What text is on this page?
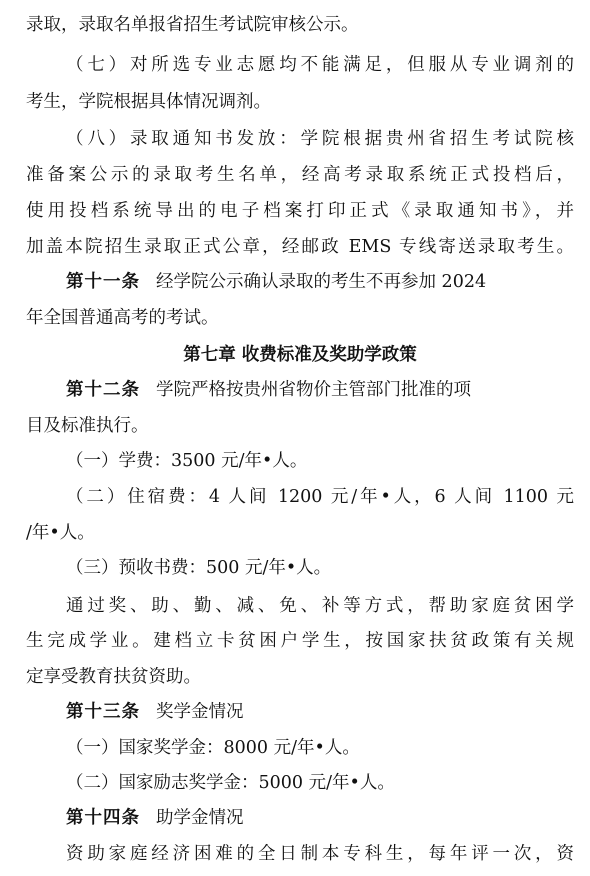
录取，录取名单报省招生考试院审核公示。
（七）对所选专业志愿均不能满足，但服从专业调剂的
考生，学院根据具体情况调剂。
（八）录取通知书发放：学院根据贵州省招生考试院核
准备案公示的录取考生名单，经高考录取系统正式投档后，
使用投档系统导出的电子档案打印正式《录取通知书》，并
加盖本院招生录取正式公章，经邮政 EMS 专线寄送录取考生。
第十一条 经学院公示确认录取的考生不再参加 2024
年全国普通高考的考试。
第七章 收费标准及奖助学政策
第十二条 学院严格按贵州省物价主管部门批准的项
目及标准执行。
（一）学费：3500 元/年•人。
（二）住宿费：4 人间 1200 元/年•人，6 人间 1100 元
/年•人。
（三）预收书费：500 元/年•人。
通过奖、助、勤、减、免、补等方式，帮助家庭贫困学
生完成学业。建档立卡贫困户学生，按国家扶贫政策有关规
定享受教育扶贫资助。
第十三条 奖学金情况
（一）国家奖学金：8000 元/年•人。
（二）国家励志奖学金：5000 元/年•人。
第十四条 助学金情况
资助家庭经济困难的全日制本专科生，每年评一次，资
